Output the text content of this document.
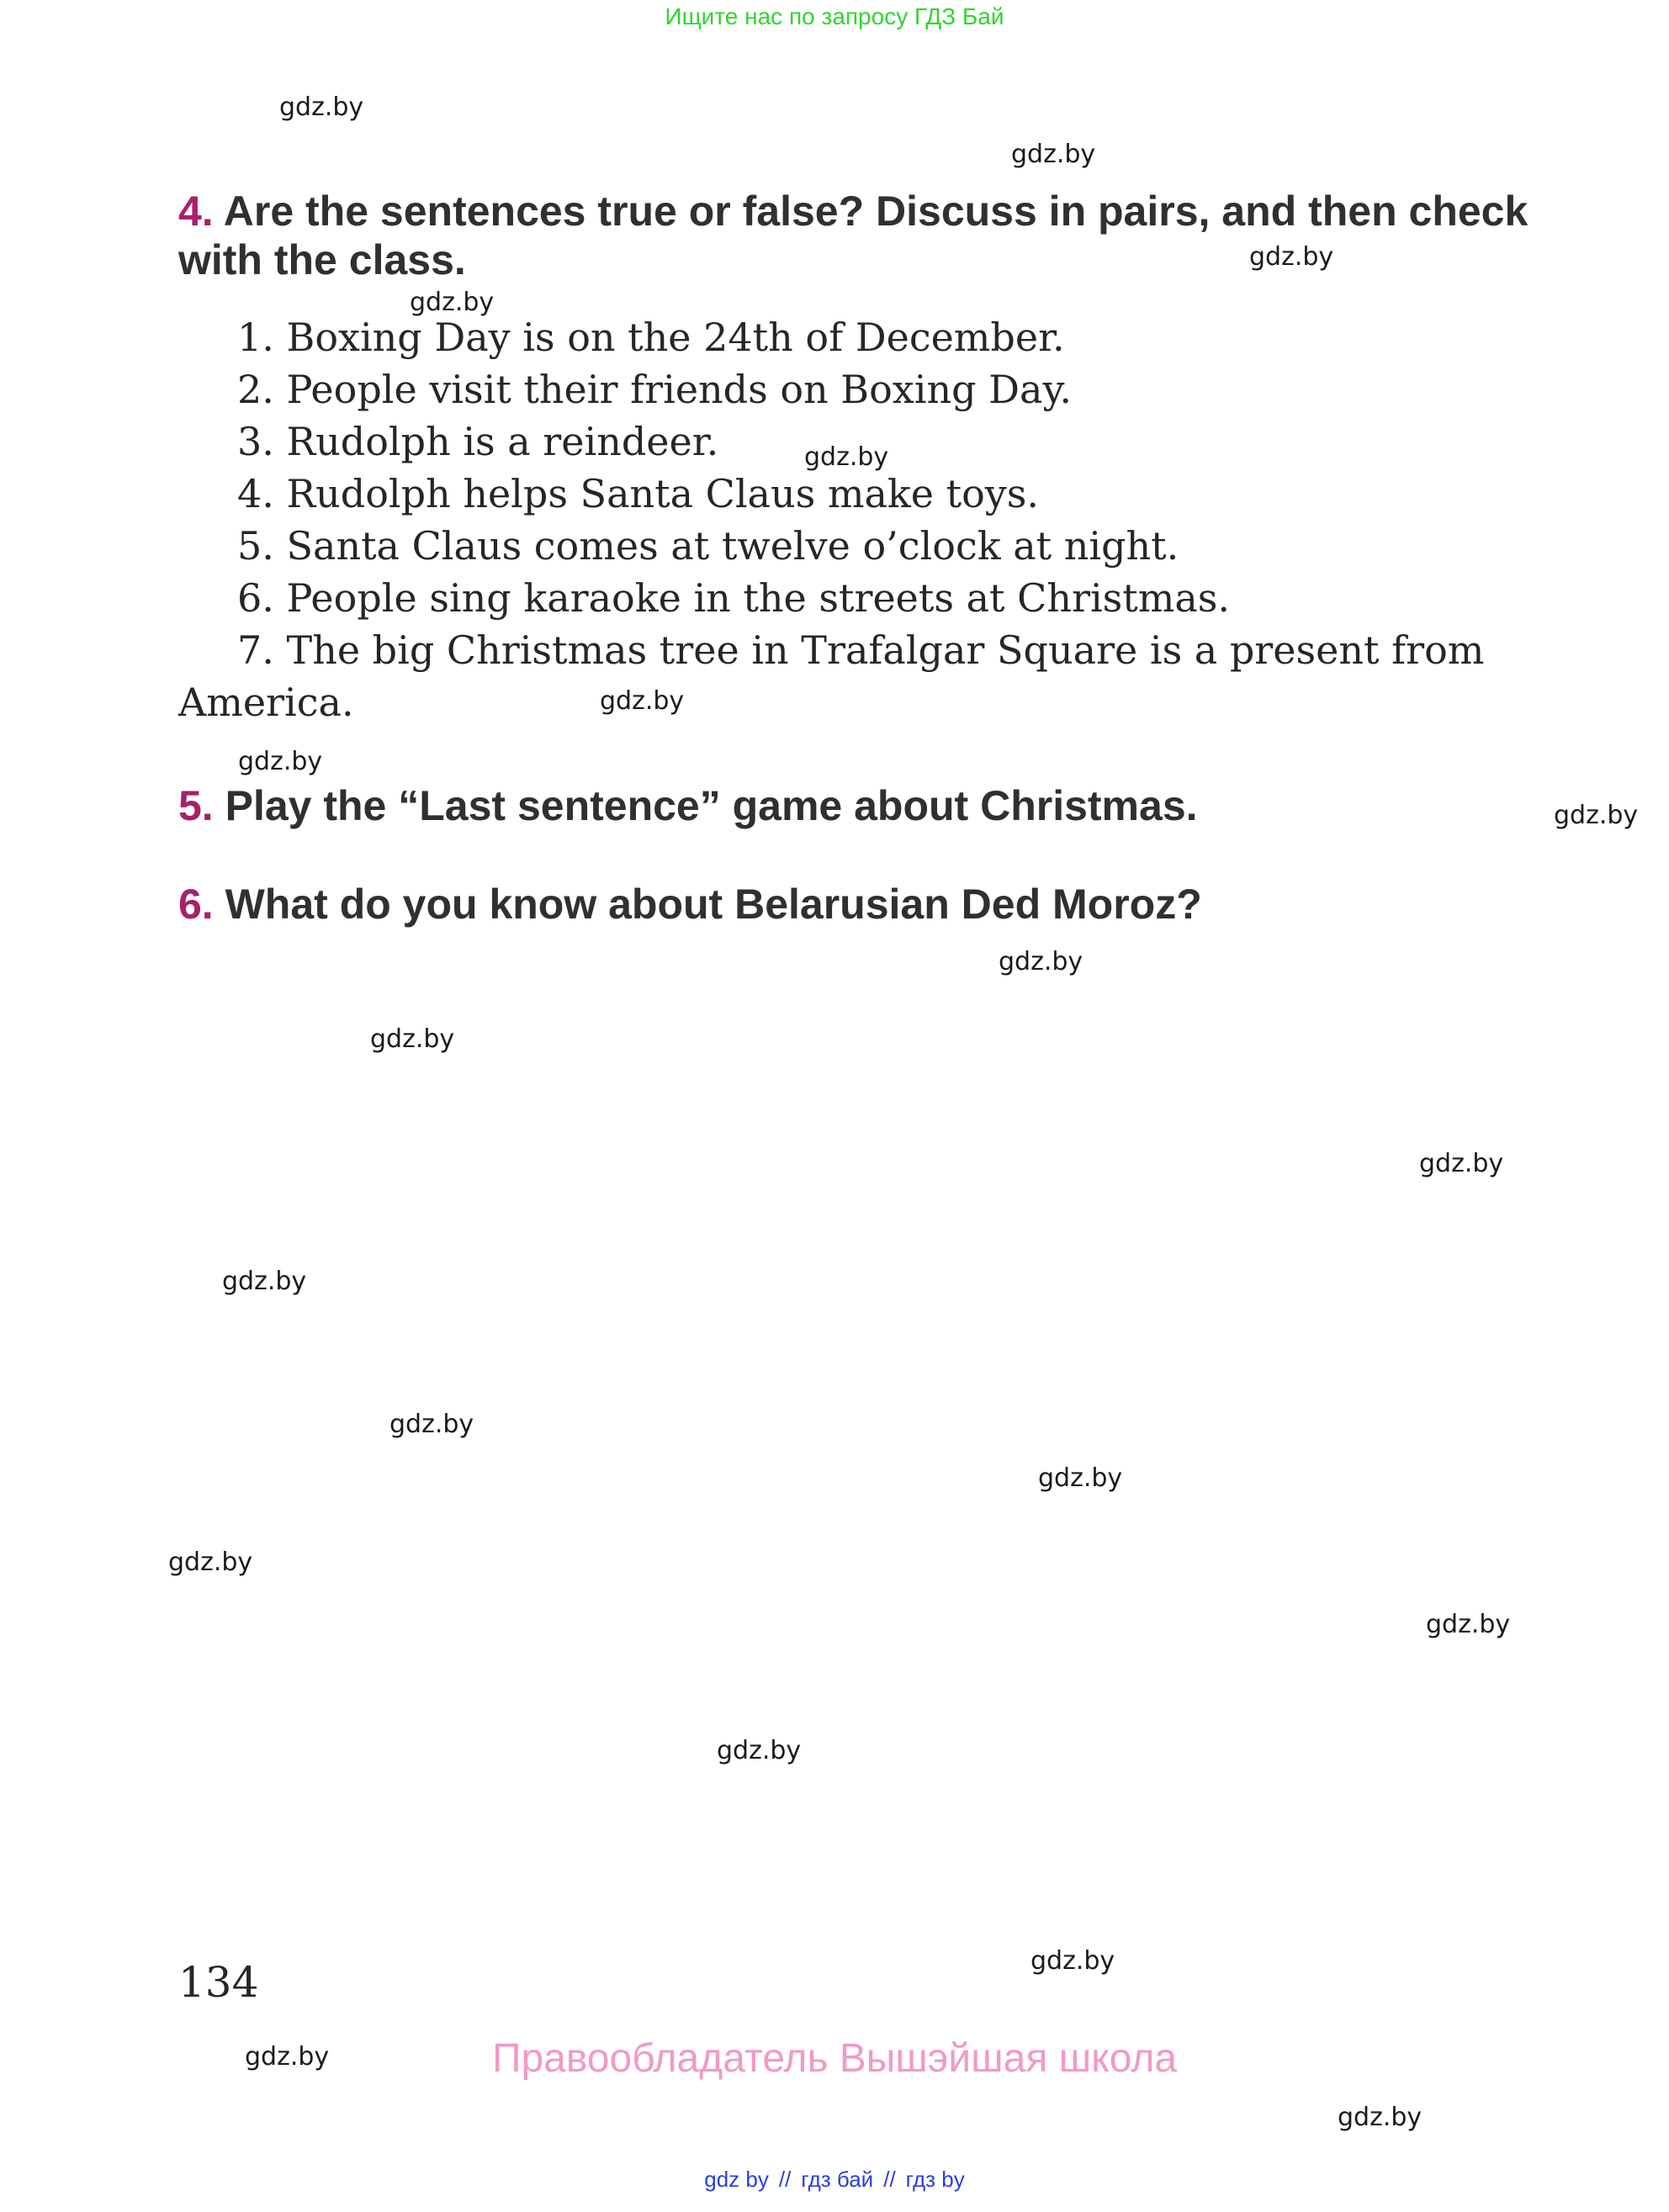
Ищите нас по запросу ГДЗ Бай
gdz.by
gdz.by
gdz.by
gdz.by
gdz.by
gdz.by
gdz.by
gdz.by
gdz.by
gdz.by
gdz.by
gdz.by
gdz.by
gdz.by
gdz.by
gdz.by
gdz.by
gdz.by
gdz.by
gdz.by
4. Are the sentences true or false? Discuss in pairs, and then check
with the class.
1. Boxing Day is on the 24th of December.
2. People visit their friends on Boxing Day.
3. Rudolph is a reindeer.
4. Rudolph helps Santa Claus make toys.
5. Santa Claus comes at twelve o’clock at night.
6. People sing karaoke in the streets at Christmas.
7. The big Christmas tree in Trafalgar Square is a present from
America.
5. Play the “Last sentence” game about Christmas.
6. What do you know about Belarusian Ded Moroz?
134
Правообладатель Вышэйшая школа
gdz by // гдз бай // гдз by
